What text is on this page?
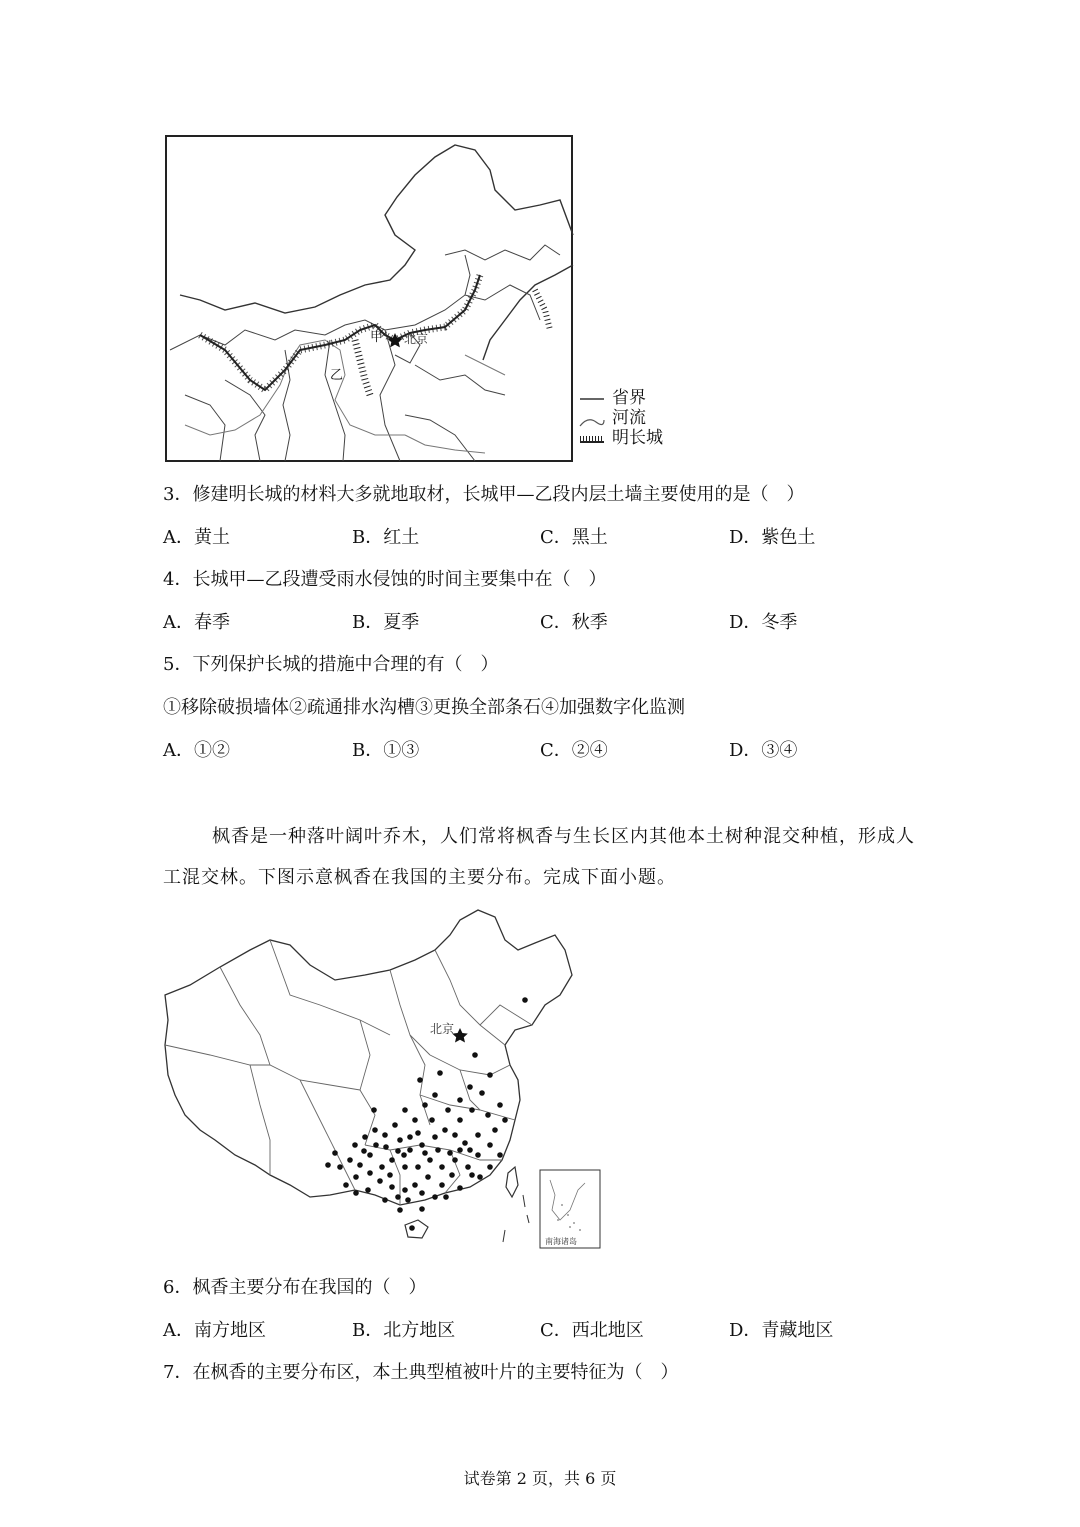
甲
乙
北京
省界
河流
明长城
3．修建明长城的材料大多就地取材，长城甲—乙段内层土墙主要使用的是（　）
A．黄土	B．红土	C．黑土	D．紫色土
4．长城甲—乙段遭受雨水侵蚀的时间主要集中在（　）
A．春季	B．夏季	C．秋季	D．冬季
5．下列保护长城的措施中合理的有（　）
①移除破损墙体②疏通排水沟槽③更换全部条石④加强数字化监测
A．①②	B．①③	C．②④	D．③④
枫香是一种落叶阔叶乔木，人们常将枫香与生长区内其他本土树种混交种植，形成人
工混交林。下图示意枫香在我国的主要分布。完成下面小题。
北京
南海诸岛
6．枫香主要分布在我国的（　）
A．南方地区	B．北方地区	C．西北地区	D．青藏地区
7．在枫香的主要分布区，本土典型植被叶片的主要特征为（　）
试卷第 2 页，共 6 页
